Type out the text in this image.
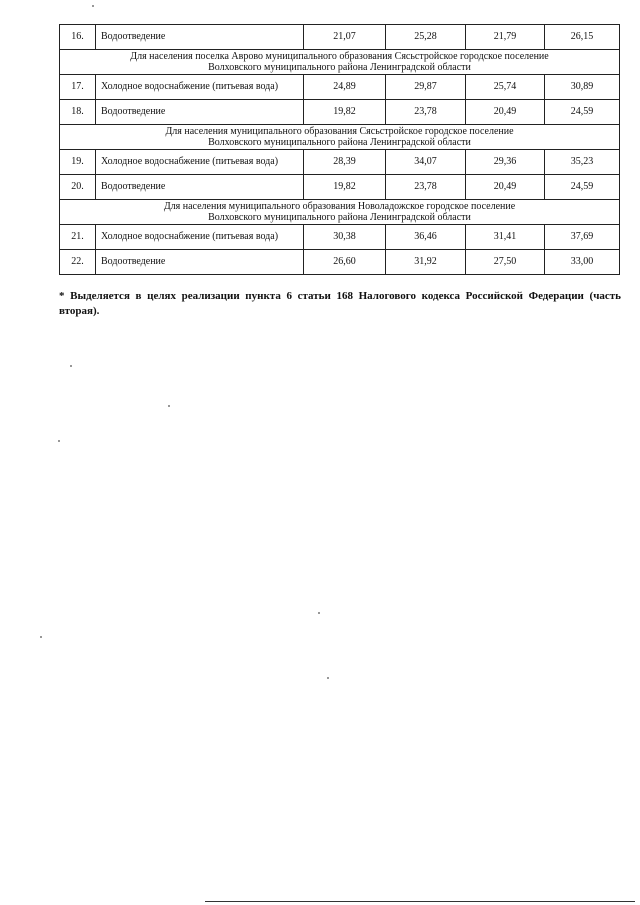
16.	Водоотведение	21,07	25,28	21,79	26,15

Для населения поселка Аврово муниципального образования Сясьстройское городское поселение
Волховского муниципального района Ленинградской области					

17.	Холодное водоснабжение (питьевая вода)	24,89	29,87	25,74	30,89
18.	Водоотведение	19,82	23,78	20,49	24,59

Для населения муниципального образования Сясьстройское городское поселение
Волховского муниципального района Ленинградской области					

19.	Холодное водоснабжение (питьевая вода)	28,39	34,07	29,36	35,23
20.	Водоотведение	19,82	23,78	20,49	24,59

Для населения муниципального образования Новоладожское городское поселение
Волховского муниципального района Ленинградской области					

21.	Холодное водоснабжение (питьевая вода)	30,38	36,46	31,41	37,69
22.	Водоотведение	26,60	31,92	27,50	33,00
* Выделяется в целях реализации пункта 6 статьи 168 Налогового кодекса Российской Федерации (часть вторая).
